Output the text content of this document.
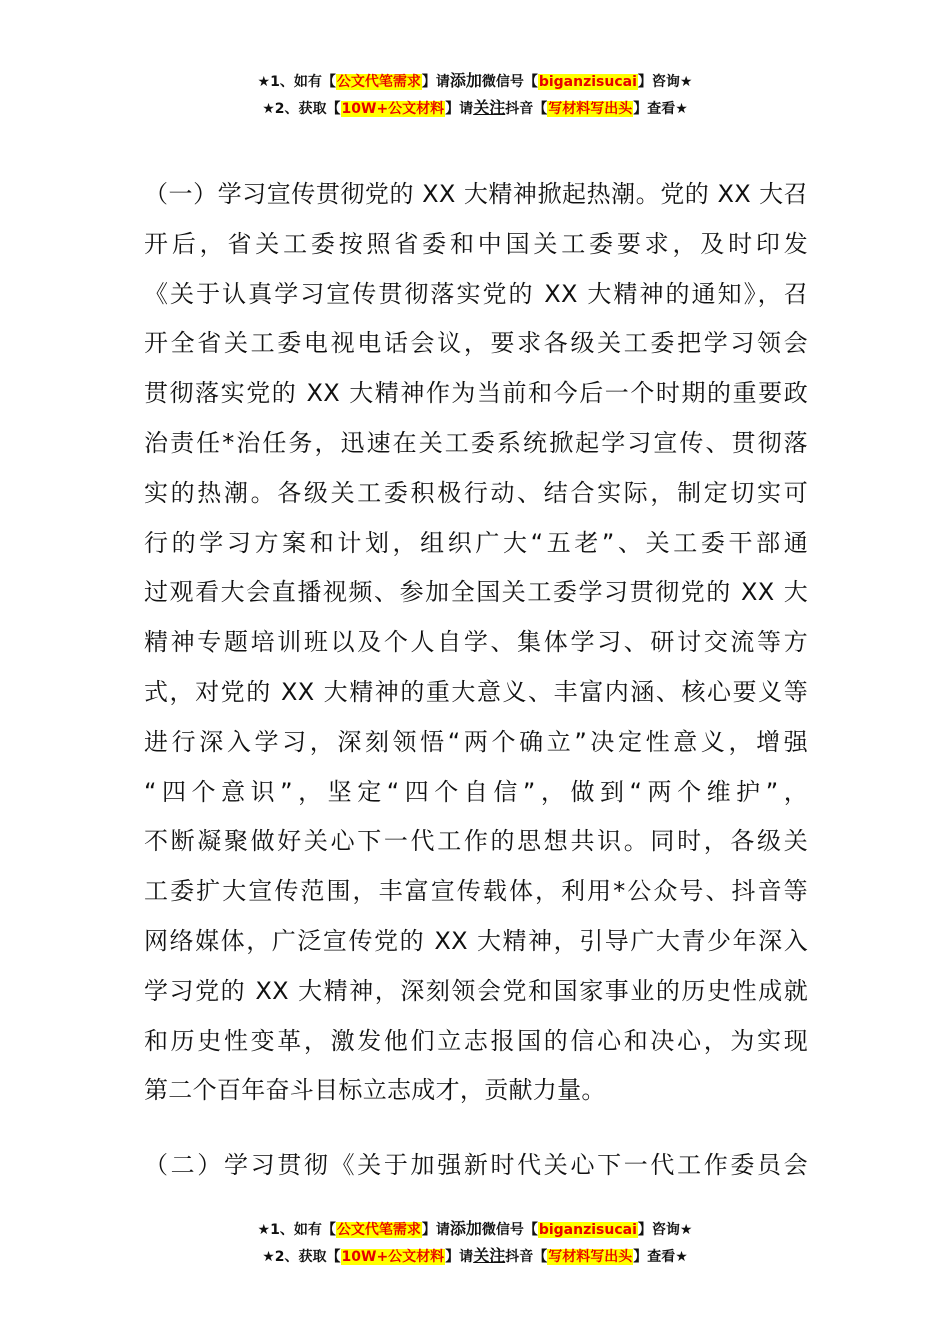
★1、如有【公文代笔需求】请添加微信号【biganzisucai】咨询★
★2、获取【10W+公文材料】请关注抖音【写材料写出头】查看★
（一）学习宣传贯彻党的 XX 大精神掀起热潮。党的 XX 大召
开后，省关工委按照省委和中国关工委要求，及时印发
《关于认真学习宣传贯彻落实党的 XX 大精神的通知》，召
开全省关工委电视电话会议，要求各级关工委把学习领会
贯彻落实党的 XX 大精神作为当前和今后一个时期的重要政
治责任*治任务，迅速在关工委系统掀起学习宣传、贯彻落
实的热潮。各级关工委积极行动、结合实际，制定切实可
行的学习方案和计划，组织广大“五老”、关工委干部通
过观看大会直播视频、参加全国关工委学习贯彻党的 XX 大
精神专题培训班以及个人自学、集体学习、研讨交流等方
式，对党的 XX 大精神的重大意义、丰富内涵、核心要义等
进行深入学习，深刻领悟“两个确立”决定性意义，增强
“四个意识”，坚定“四个自信”，做到“两个维护”，
不断凝聚做好关心下一代工作的思想共识。同时，各级关
工委扩大宣传范围，丰富宣传载体，利用*公众号、抖音等
网络媒体，广泛宣传党的 XX 大精神，引导广大青少年深入
学习党的 XX 大精神，深刻领会党和国家事业的历史性成就
和历史性变革，激发他们立志报国的信心和决心，为实现
第二个百年奋斗目标立志成才，贡献力量。
（二）学习贯彻《关于加强新时代关心下一代工作委员会
★1、如有【公文代笔需求】请添加微信号【biganzisucai】咨询★
★2、获取【10W+公文材料】请关注抖音【写材料写出头】查看★
